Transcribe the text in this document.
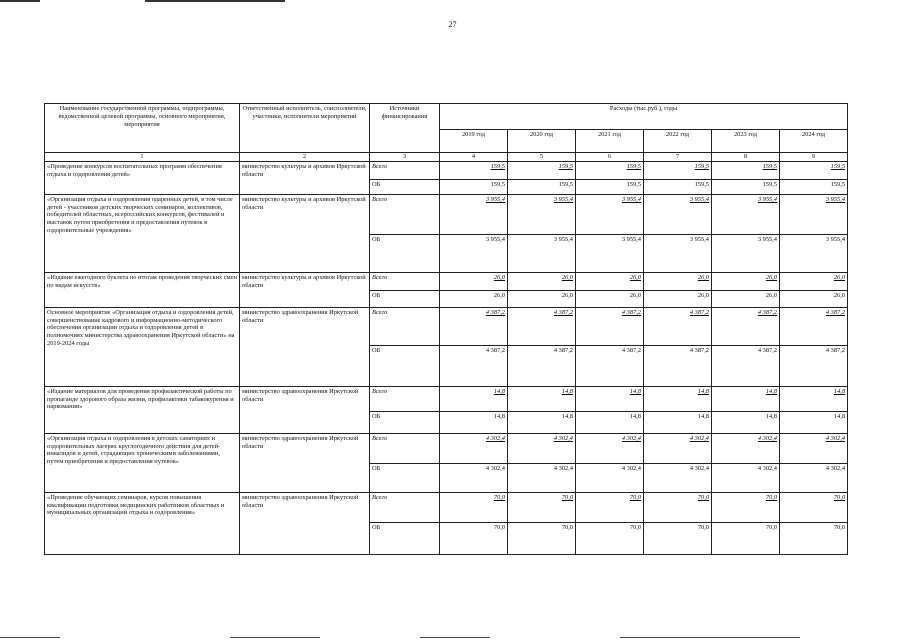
27
Наименование государственной программы, подпрограммы, ведомственной целевой программы, основного мероприятия, мероприятия	Ответственный исполнитель, соисполнители, участники, исполнители мероприятий	Источники финансирования	Расходы (тыс.руб.), годы					
			2019 год	2020 год	2021 год	2022 год	2023 год	2024 год
1	2	3	4	5	6	7	8	9
«Проведение конкурсов воспитательных программ обеспечения отдыха и оздоровления детей»	министерство культуры и архивов Иркутской области	Всего	159,5	159,5	159,5	159,5	159,5	159,5
		ОБ	159,5	159,5	159,5	159,5	159,5	159,5
«Организация отдыха и оздоровления одаренных детей, в том числе детей - участников детских творческих семинаров, коллективов, победителей областных, всероссийских конкурсов, фестивалей и выставок путем приобретения и предоставления путевок в оздоровительные учреждения»	министерство культуры и архивов Иркутской области	Всего	3 955,4	3 955,4	3 955,4	3 955,4	3 955,4	3 955,4
		ОБ	3 955,4	3 955,4	3 955,4	3 955,4	3 955,4	3 955,4
«Издание ежегодного буклета по итогам проведения творческих смен по видам искусств»	министерство культуры и архивов Иркутской области	Всего	26,0	26,0	26,0	26,0	26,0	26,0
		ОБ	26,0	26,0	26,0	26,0	26,0	26,0
Основное мероприятие «Организация отдыха и оздоровления детей, совершенствование кадрового и информационно-методического обеспечения организации отдыха и оздоровления детей в полномочиях министерства здравоохранения Иркутской области» на 2019-2024 годы	министерство здравоохранения Иркутской области	Всего	4 387,2	4 387,2	4 387,2	4 387,2	4 387,2	4 387,2
		ОБ	4 387,2	4 387,2	4 387,2	4 387,2	4 387,2	4 387,2
«Издание материалов для проведения профилактической работы по пропаганде здорового образа жизни, профилактики табакокурения и наркомании»	министерство здравоохранения Иркутской области	Всего	14,8	14,8	14,8	14,8	14,8	14,8
		ОБ	14,8	14,8	14,8	14,8	14,8	14,8
«Организация отдыха и оздоровления в детских санаториях и оздоровительных лагерях круглогодичного действия для детей-инвалидов и детей, страдающих хроническими заболеваниями, путем приобретения и предоставления путевок»	министерство здравоохранения Иркутской области	Всего	4 302,4	4 302,4	4 302,4	4 302,4	4 302,4	4 302,4
		ОБ	4 302,4	4 302,4	4 302,4	4 302,4	4 302,4	4 302,4
«Проведение обучающих семинаров, курсов повышения квалификации подготовки медицинских работников областных и муниципальных организаций отдыха и оздоровления»	министерство здравоохранения Иркутской области	Всего	70,0	70,0	70,0	70,0	70,0	70,0
		ОБ	70,0	70,0	70,0	70,0	70,0	70,0
